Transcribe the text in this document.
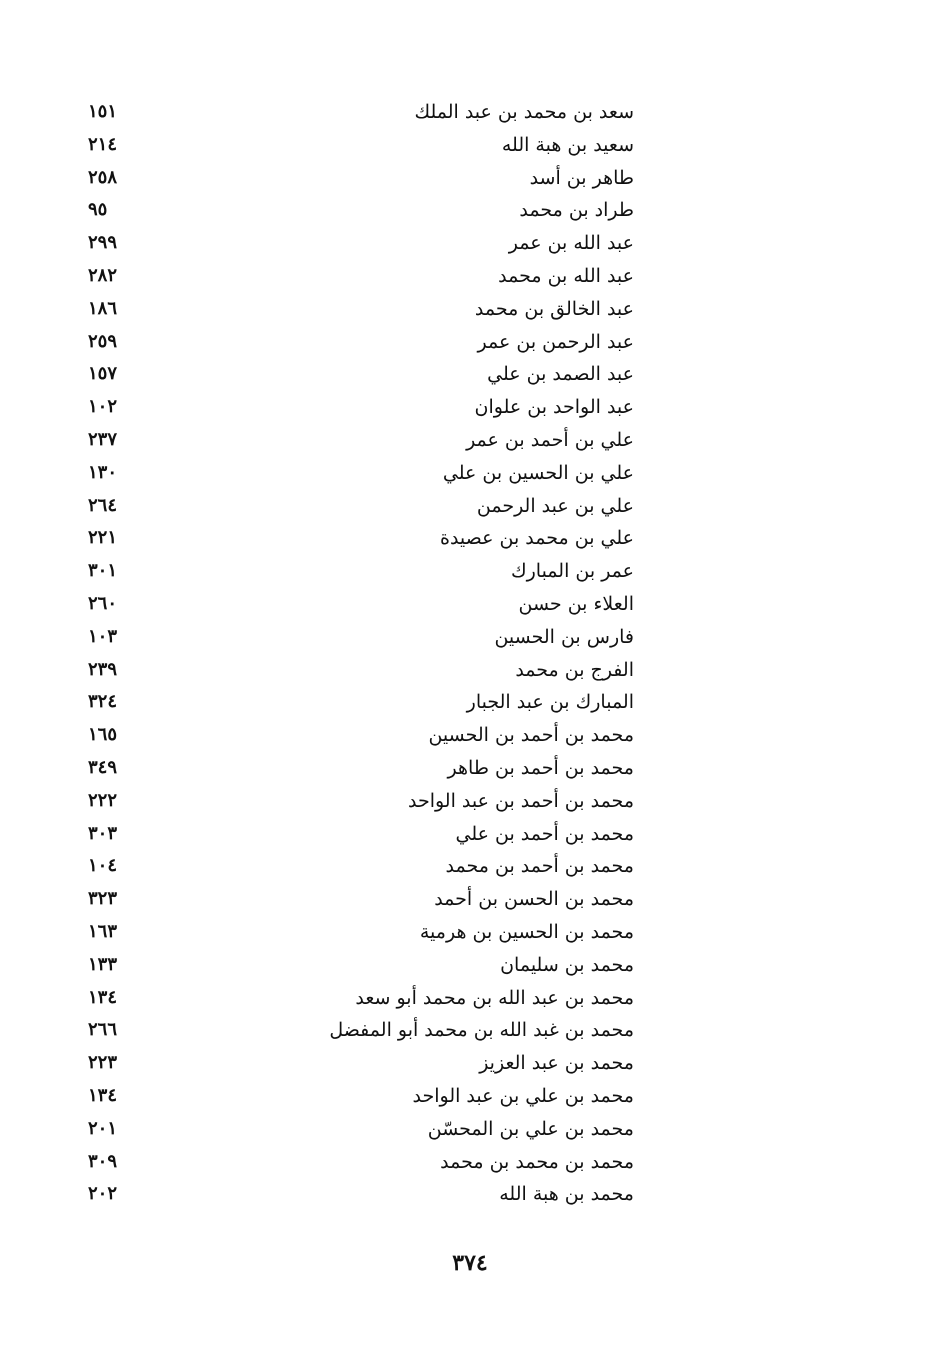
سعد بن محمد بن عبد الملك
١٥١
سعيد بن هبة الله
٢١٤
طاهر بن أسد
٢٥٨
طراد بن محمد
٩٥
عبد الله بن عمر
٢٩٩
عبد الله بن محمد
٢٨٢
عبد الخالق بن محمد
١٨٦
عبد الرحمن بن عمر
٢٥٩
عبد الصمد بن علي
١٥٧
عبد الواحد بن علوان
١٠٢
علي بن أحمد بن عمر
٢٣٧
علي بن الحسين بن علي
١٣٠
علي بن عبد الرحمن
٢٦٤
علي بن محمد بن عصيدة
٢٢١
عمر بن المبارك
٣٠١
العلاء بن حسن
٢٦٠
فارس بن الحسين
١٠٣
الفرج بن محمد
٢٣٩
المبارك بن عبد الجبار
٣٢٤
محمد بن أحمد بن الحسين
١٦٥
محمد بن أحمد بن طاهر
٣٤٩
محمد بن أحمد بن عبد الواحد
٢٢٢
محمد بن أحمد بن علي
٣٠٣
محمد بن أحمد بن محمد
١٠٤
محمد بن الحسن بن أحمد
٣٢٣
محمد بن الحسين بن هرمية
١٦٣
محمد بن سليمان
١٣٣
محمد بن عبد الله بن محمد أبو سعد
١٣٤
محمد بن غبد الله بن محمد أبو المفضل
٢٦٦
محمد بن عبد العزيز
٢٢٣
محمد بن علي بن عبد الواحد
١٣٤
محمد بن علي بن المحسّن
٢٠١
محمد بن محمد بن محمد
٣٠٩
محمد بن هبة الله
٢٠٢
٣٧٤
